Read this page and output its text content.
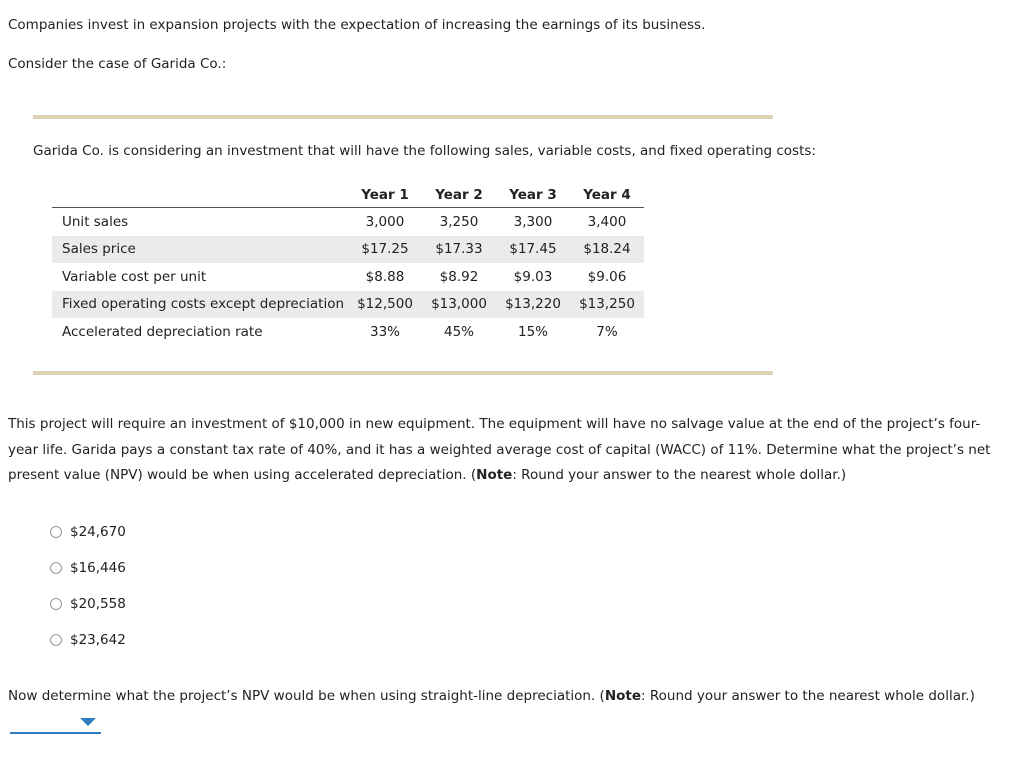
Companies invest in expansion projects with the expectation of increasing the earnings of its business.
Consider the case of Garida Co.:
Garida Co. is considering an investment that will have the following sales, variable costs, and fixed operating costs:
	Year 1	Year 2	Year 3	Year 4
Unit sales	3,000	3,250	3,300	3,400
Sales price	$17.25	$17.33	$17.45	$18.24
Variable cost per unit	$8.88	$8.92	$9.03	$9.06
Fixed operating costs except depreciation	$12,500	$13,000	$13,220	$13,250
Accelerated depreciation rate	33%	45%	15%	7%
This project will require an investment of $10,000 in new equipment. The equipment will have no salvage value at the end of the project’s four-year life. Garida pays a constant tax rate of 40%, and it has a weighted average cost of capital (WACC) of 11%. Determine what the project’s net present value (NPV) would be when using accelerated depreciation. (Note: Round your answer to the nearest whole dollar.)
$24,670
$16,446
$20,558
$23,642
Now determine what the project’s NPV would be when using straight-line depreciation. (Note: Round your answer to the nearest whole dollar.)
